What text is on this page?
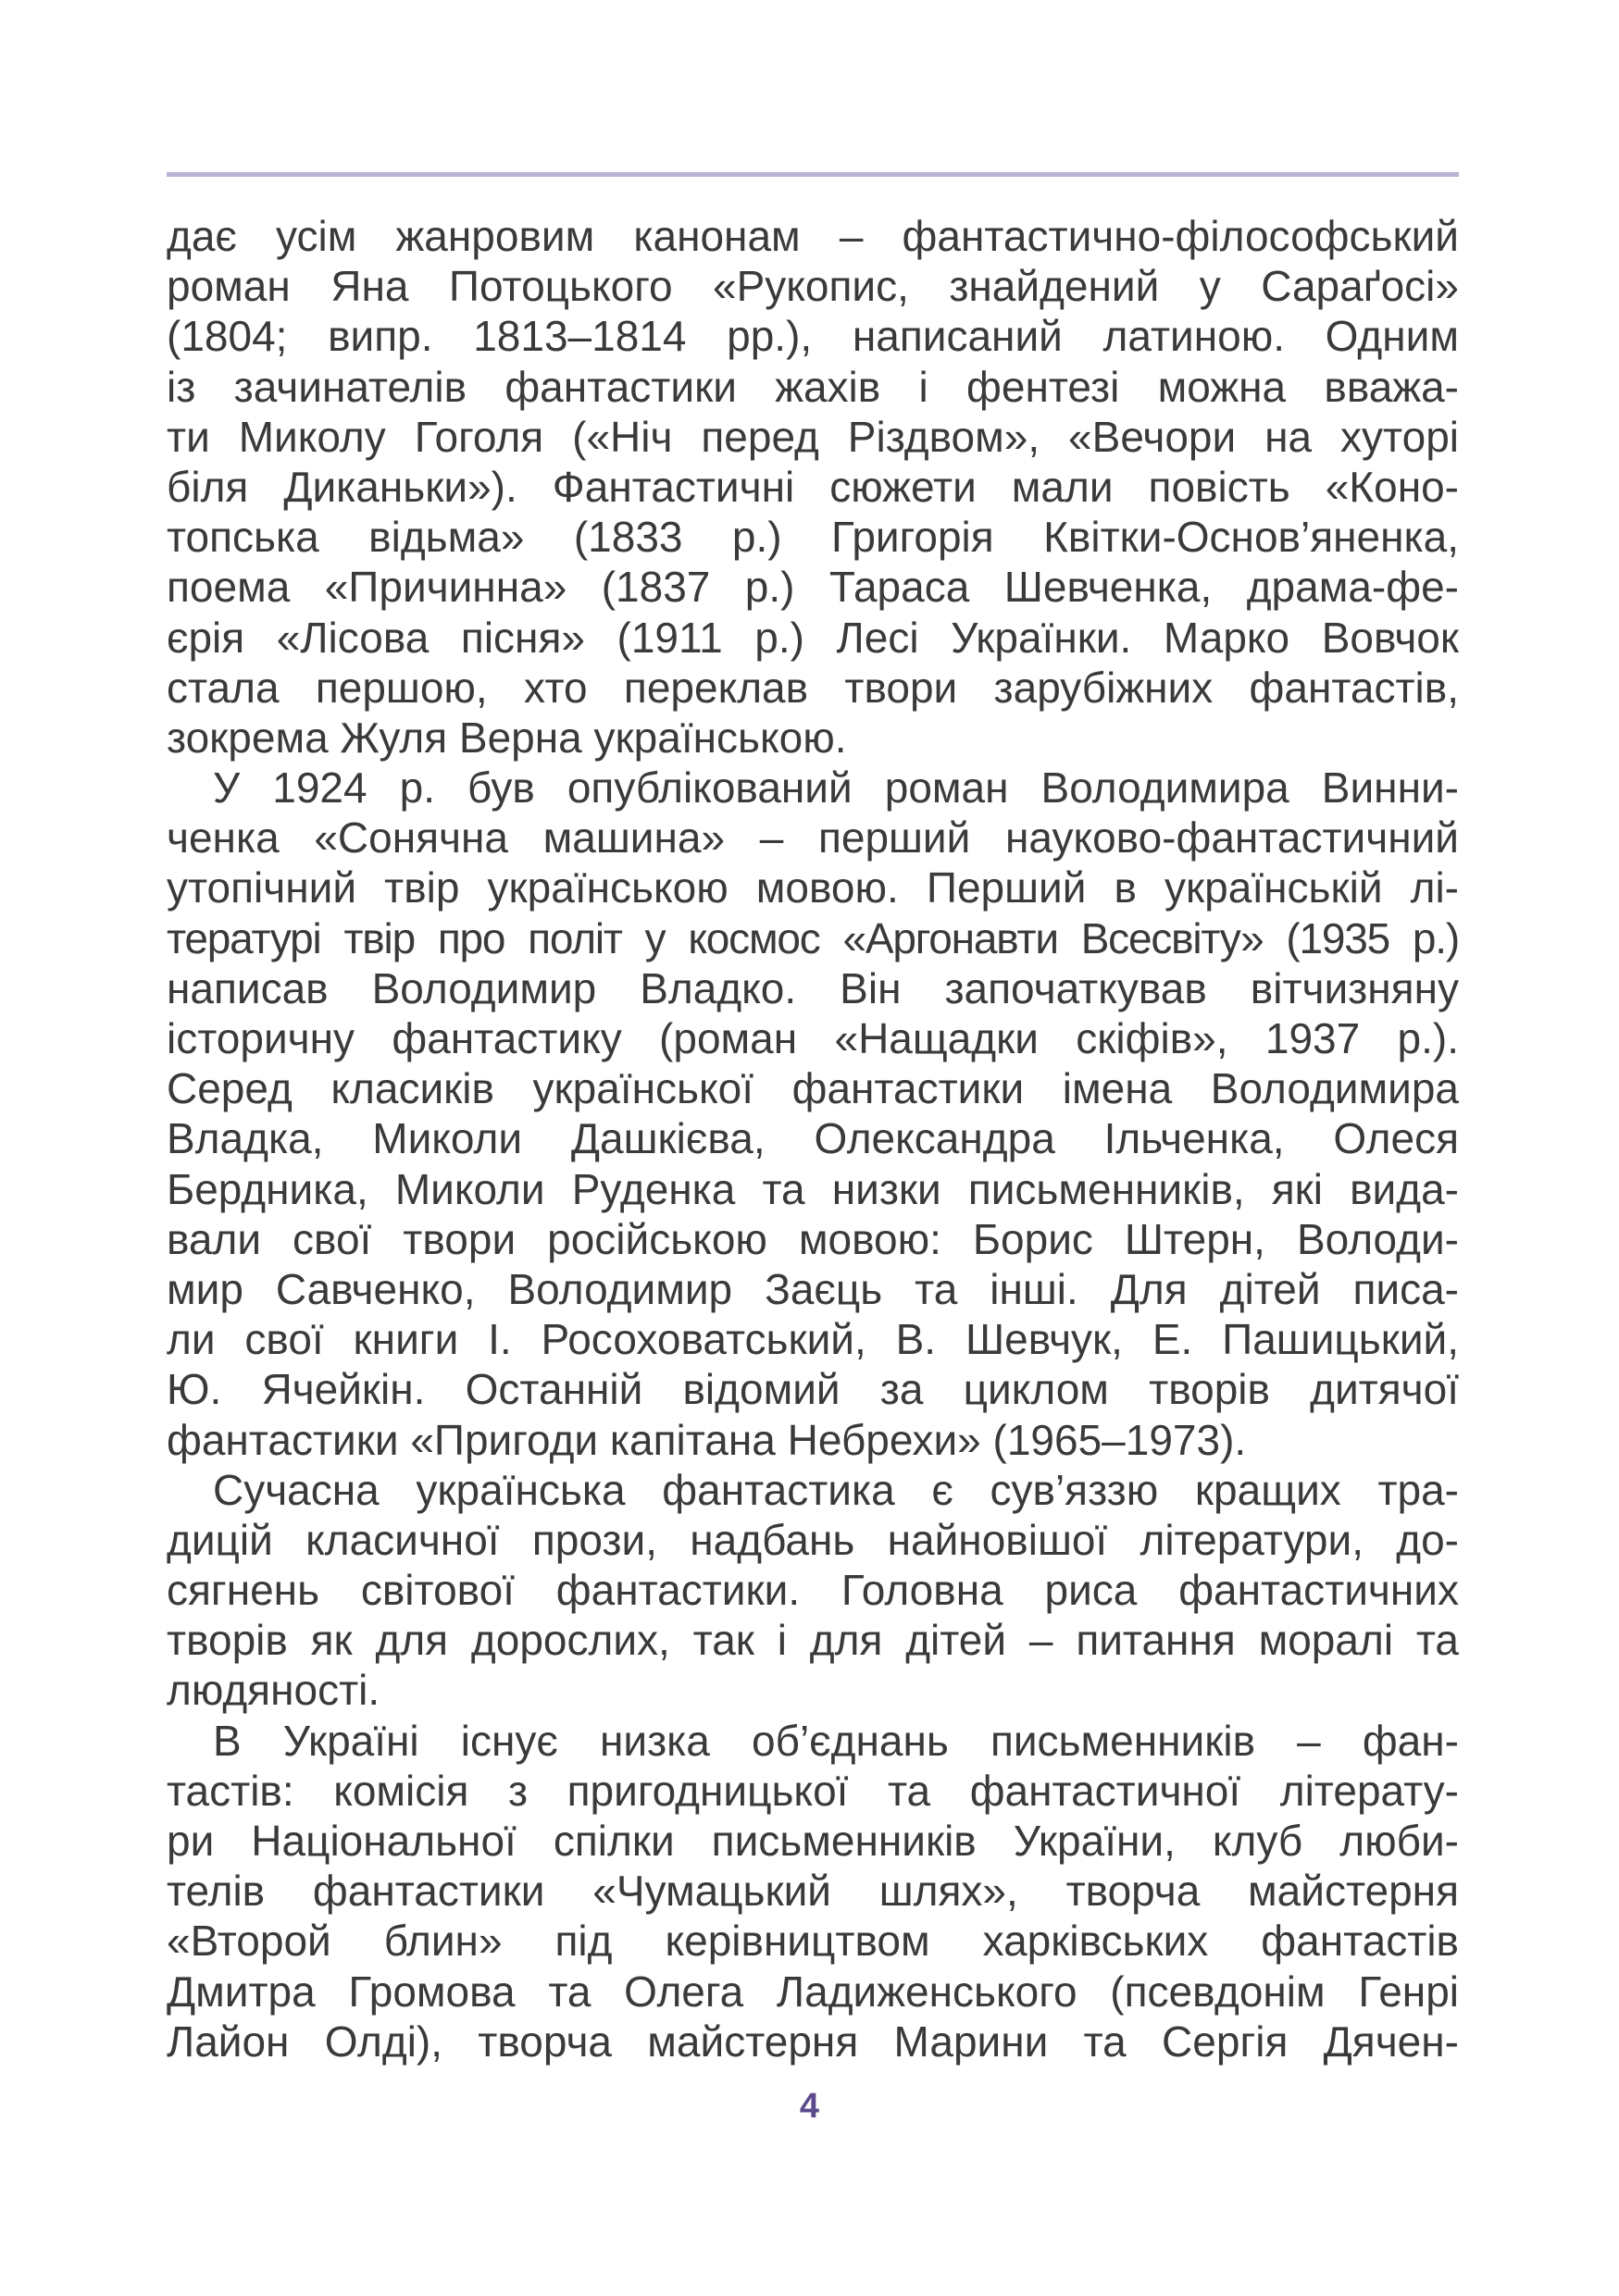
дає усім жанровим канонам – фантастично-філософський
роман Яна Потоцького «Рукопис, знайдений у Сараґосі»
(1804; випр. 1813–1814 рр.), написаний латиною. Одним
із зачинателів фантастики жахів і фентезі можна вважа-
ти Миколу Гоголя («Ніч перед Різдвом», «Вечори на хуторі
біля Диканьки»). Фантастичні сюжети мали повість «Коно-
топська відьма» (1833 р.) Григорія Квітки-Основ’яненка,
поема «Причинна» (1837 р.) Тараса Шевченка, драма-фе-
єрія «Лісова пісня» (1911 р.) Лесі Українки. Марко Вовчок
стала першою, хто переклав твори зарубіжних фантастів,
зокрема Жуля Верна українською.
У 1924 р. був опублікований роман Володимира Винни-
ченка «Сонячна машина» – перший науково-фантастичний
утопічний твір українською мовою. Перший в українській лі-
тературі твір про політ у космос «Аргонавти Всесвіту» (1935 р.)
написав Володимир Владко. Він започаткував вітчизняну
історичну фантастику (роман «Нащадки скіфів», 1937 р.).
Серед класиків української фантастики імена Володимира
Владка, Миколи Дашкієва, Олександра Ільченка, Олеся
Бердника, Миколи Руденка та низки письменників, які вида-
вали свої твори російською мовою: Борис Штерн, Володи-
мир Савченко, Володимир Заєць та інші. Для дітей писа-
ли свої книги І. Росоховатський, В. Шевчук, Е. Пашицький,
Ю. Ячейкін. Останній відомий за циклом творів дитячої
фантастики «Пригоди капітана Небрехи» (1965–1973).
Сучасна українська фантастика є сув’яззю кращих тра-
дицій класичної прози, надбань найновішої літератури, до-
сягнень світової фантастики. Головна риса фантастичних
творів як для дорослих, так і для дітей – питання моралі та
людяності.
В Україні існує низка об’єднань письменників – фан-
тастів: комісія з пригодницької та фантастичної літерату-
ри Національної спілки письменників України, клуб люби-
телів фантастики «Чумацький шлях», творча майстерня
«Второй блин» під керівництвом харківських фантастів
Дмитра Громова та Олега Ладиженського (псевдонім Генрі
Лайон Олді), творча майстерня Марини та Сергія Дячен-
4
